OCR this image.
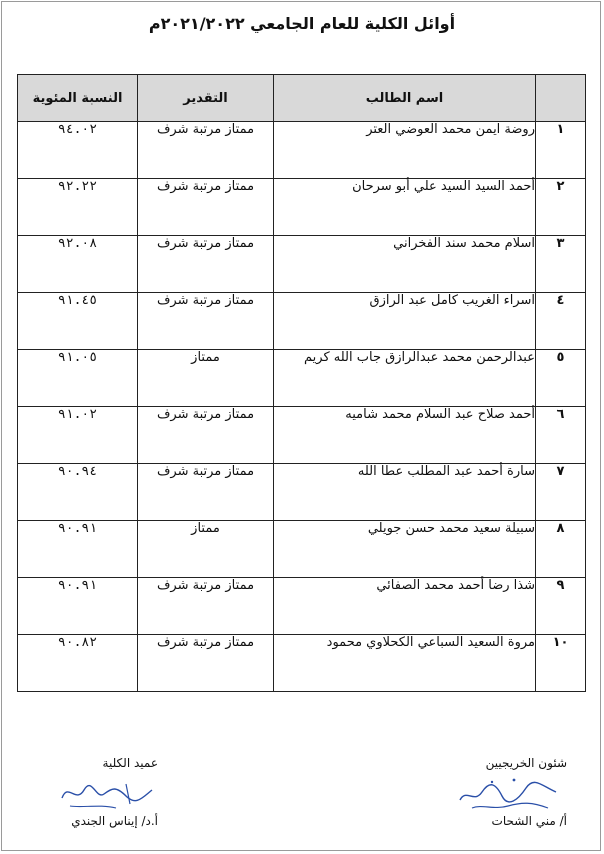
أوائل الكلية للعام الجامعي ٢٠٢١/٢٠٢٢م
	اسم الطالب	التقدير	النسبة المئوية
١	روضة ايمن محمد العوضي العتر	ممتاز مرتبة شرف	٩٤.٠٢
٢	أحمد السيد السيد علي أبو سرحان	ممتاز مرتبة شرف	٩٢.٢٢
٣	اسلام محمد سند الفخراني	ممتاز مرتبة شرف	٩٢.٠٨
٤	اسراء الغريب كامل عبد الرازق	ممتاز مرتبة شرف	٩١.٤٥
٥	عبدالرحمن محمد عبدالرازق جاب الله كريم	ممتاز	٩١.٠٥
٦	أحمد صلاح عبد السلام محمد شاميه	ممتاز مرتبة شرف	٩١.٠٢
٧	سارة أحمد عبد المطلب عطا الله	ممتاز مرتبة شرف	٩٠.٩٤
٨	سبيلة سعيد محمد حسن جويلي	ممتاز	٩٠.٩١
٩	شذا رضا أحمد محمد الصفائي	ممتاز مرتبة شرف	٩٠.٩١
١٠	مروة السعيد السباعي الكحلاوي محمود	ممتاز مرتبة شرف	٩٠.٨٢
شئون الخريجيين
أ/ مني الشحات
عميد الكلية
أ.د/ إيناس الجندي
